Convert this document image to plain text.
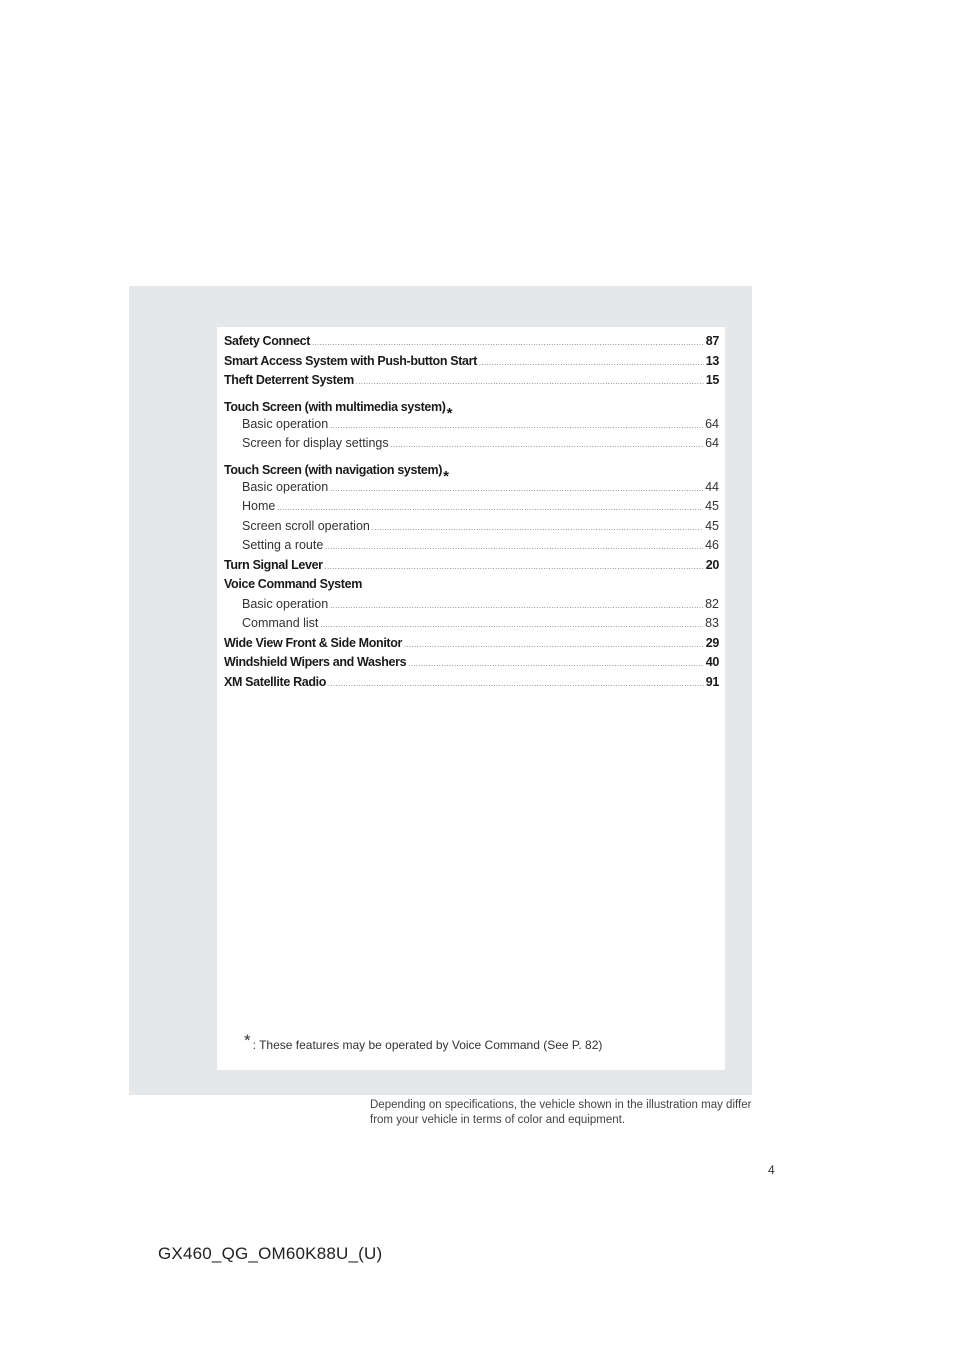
Safety Connect .....	87
Smart Access System with Push-button Start .....	13
Theft Deterrent System .....	15
Touch Screen (with multimedia system) *
Basic operation .....	64
Screen for display settings .....	64
Touch Screen (with navigation system) *
Basic operation .....	44
Home .....	45
Screen scroll operation .....	45
Setting a route .....	46
Turn Signal Lever .....	20
Voice Command System
Basic operation .....	82
Command list .....	83
Wide View Front & Side Monitor .....	29
Windshield Wipers and Washers .....	40
XM Satellite Radio .....	91
* : These features may be operated by Voice Command (See P. 82)
Depending on specifications, the vehicle shown in the illustration may differ from your vehicle in terms of color and equipment.
4
GX460_QG_OM60K88U_(U)
